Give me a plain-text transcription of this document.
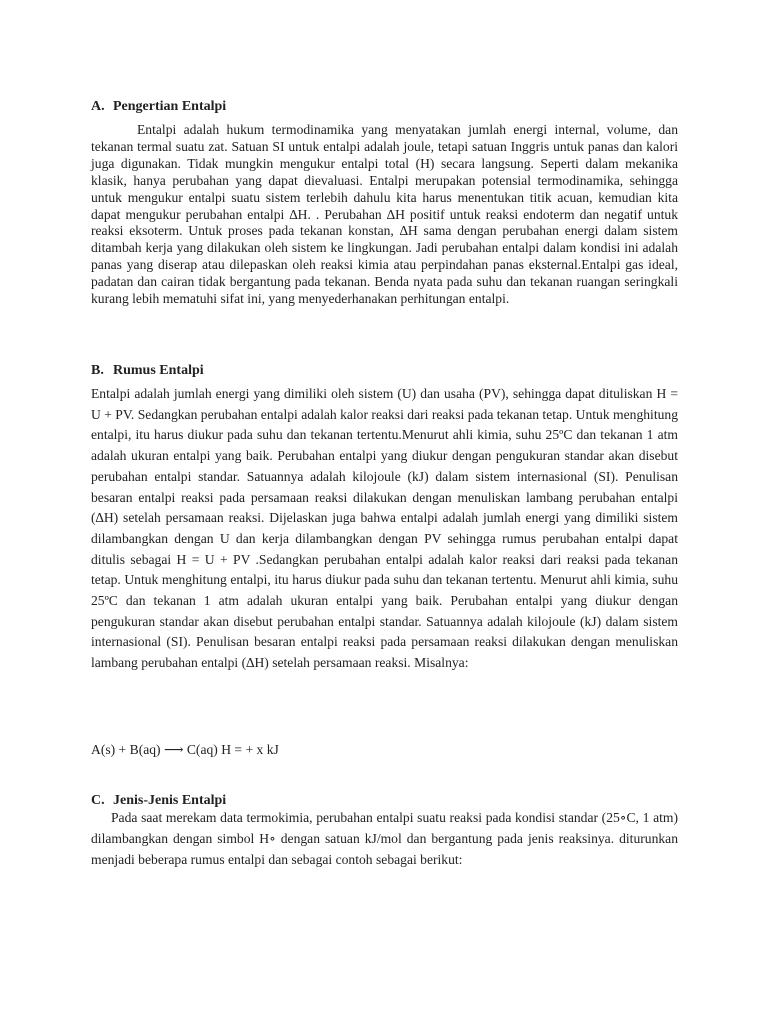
A. Pengertian Entalpi

Entalpi adalah hukum termodinamika yang menyatakan jumlah energi internal, volume, dan tekanan termal suatu zat. Satuan SI untuk entalpi adalah joule, tetapi satuan Inggris untuk panas dan kalori juga digunakan. Tidak mungkin mengukur entalpi total (H) secara langsung. Seperti dalam mekanika klasik, hanya perubahan yang dapat dievaluasi. Entalpi merupakan potensial termodinamika, sehingga untuk mengukur entalpi suatu sistem terlebih dahulu kita harus menentukan titik acuan, kemudian kita dapat mengukur perubahan entalpi ∆H. . Perubahan ∆H positif untuk reaksi endoterm dan negatif untuk reaksi eksoterm. Untuk proses pada tekanan konstan, ∆H sama dengan perubahan energi dalam sistem ditambah kerja yang dilakukan oleh sistem ke lingkungan. Jadi perubahan entalpi dalam kondisi ini adalah panas yang diserap atau dilepaskan oleh reaksi kimia atau perpindahan panas eksternal.Entalpi gas ideal, padatan dan cairan tidak bergantung pada tekanan. Benda nyata pada suhu dan tekanan ruangan seringkali kurang lebih mematuhi sifat ini, yang menyederhanakan perhitungan entalpi.

B. Rumus Entalpi

Entalpi adalah jumlah energi yang dimiliki oleh sistem (U) dan usaha (PV), sehingga dapat dituliskan H = U + PV. Sedangkan perubahan entalpi adalah kalor reaksi dari reaksi pada tekanan tetap. Untuk menghitung entalpi, itu harus diukur pada suhu dan tekanan tertentu.Menurut ahli kimia, suhu 25ºC dan tekanan 1 atm adalah ukuran entalpi yang baik. Perubahan entalpi yang diukur dengan pengukuran standar akan disebut perubahan entalpi standar. Satuannya adalah kilojoule (kJ) dalam sistem internasional (SI). Penulisan besaran entalpi reaksi pada persamaan reaksi dilakukan dengan menuliskan lambang perubahan entalpi (∆H) setelah persamaan reaksi. Dijelaskan juga bahwa entalpi adalah jumlah energi yang dimiliki sistem dilambangkan dengan U dan kerja dilambangkan dengan PV sehingga rumus perubahan entalpi dapat ditulis sebagai H = U + PV .Sedangkan perubahan entalpi adalah kalor reaksi dari reaksi pada tekanan tetap. Untuk menghitung entalpi, itu harus diukur pada suhu dan tekanan tertentu. Menurut ahli kimia, suhu 25ºC dan tekanan 1 atm adalah ukuran entalpi yang baik. Perubahan entalpi yang diukur dengan pengukuran standar akan disebut perubahan entalpi standar. Satuannya adalah kilojoule (kJ) dalam sistem internasional (SI). Penulisan besaran entalpi reaksi pada persamaan reaksi dilakukan dengan menuliskan lambang perubahan entalpi (∆H) setelah persamaan reaksi. Misalnya:

A(s) + B(aq) ⟶ C(aq) H = + x kJ
C. Jenis-Jenis Entalpi

Pada saat merekam data termokimia, perubahan entalpi suatu reaksi pada kondisi standar (25∘C, 1 atm) dilambangkan dengan simbol H∘ dengan satuan kJ/mol dan bergantung pada jenis reaksinya. diturunkan menjadi beberapa rumus entalpi dan sebagai contoh sebagai berikut:
